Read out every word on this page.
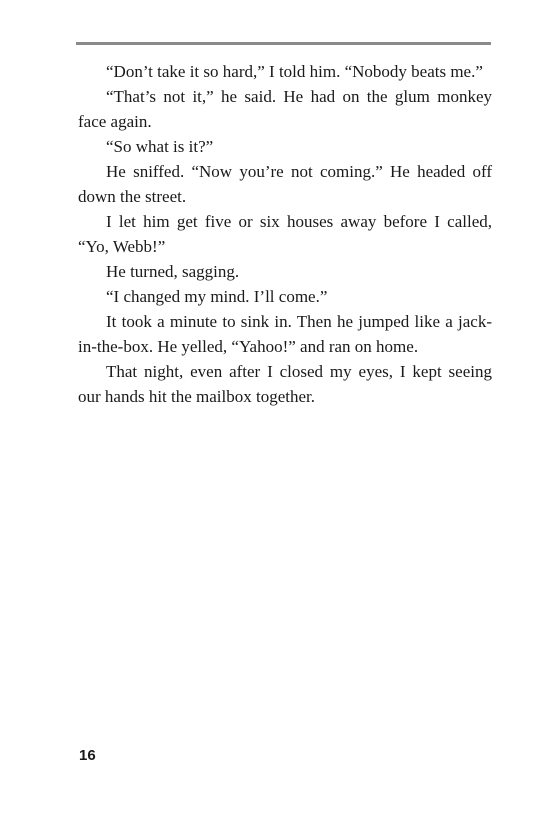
“Don’t take it so hard,” I told him. “Nobody beats me.”

“That’s not it,” he said. He had on the glum monkey face again.

“So what is it?”

He sniffed. “Now you’re not coming.” He headed off down the street.

I let him get five or six houses away before I called, “Yo, Webb!”

He turned, sagging.

“I changed my mind. I’ll come.”

It took a minute to sink in. Then he jumped like a jack-in-the-box. He yelled, “Yahoo!” and ran on home.

That night, even after I closed my eyes, I kept seeing our hands hit the mailbox together.

16
